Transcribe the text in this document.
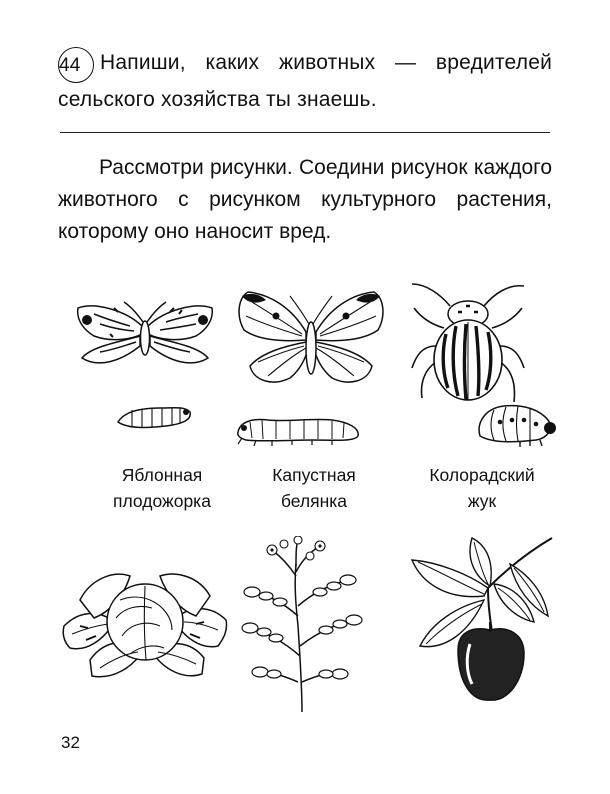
44 Напиши, каких животных — вредителей сельского хозяйства ты знаешь.
Рассмотри рисунки. Соедини рисунок каждого животного с рисунком культурного растения, которому оно наносит вред.
Яблонная
плодожорка
Капустная
белянка
Колорадский
жук
32
